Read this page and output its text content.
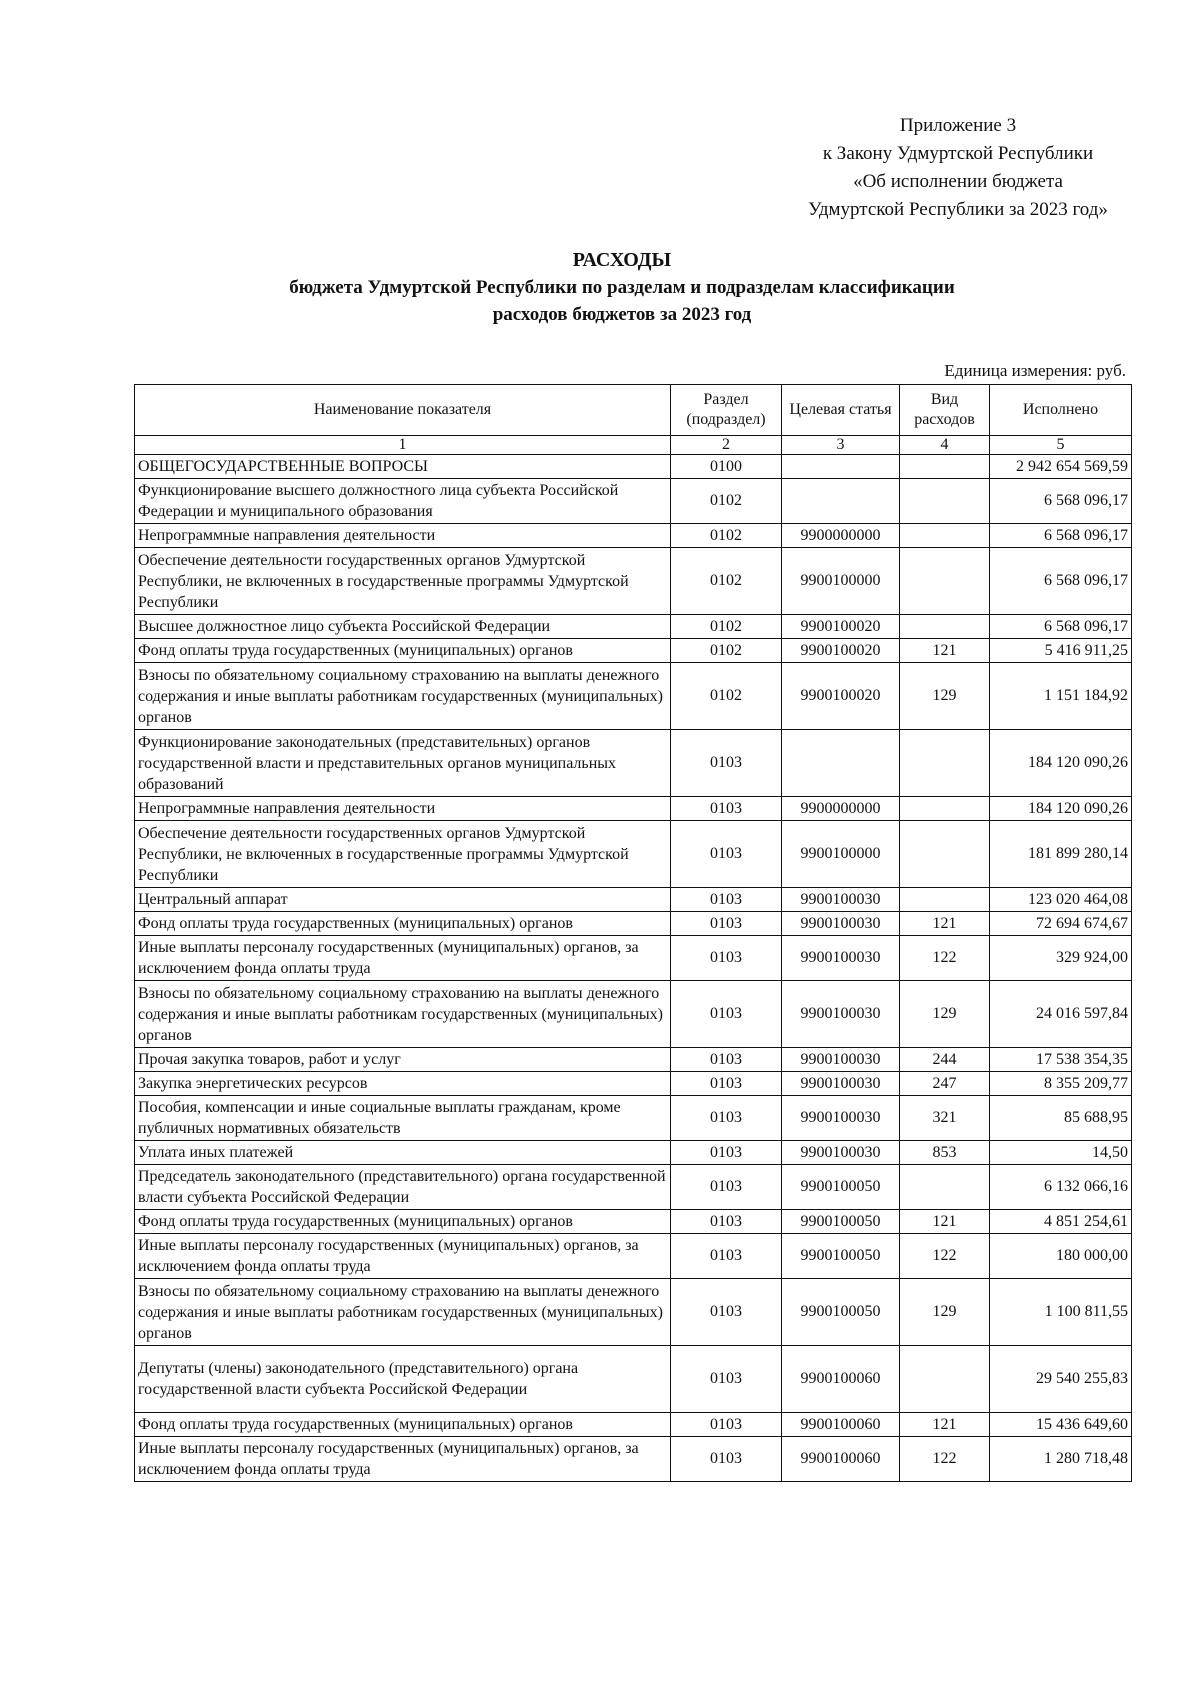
Приложение 3
к Закону Удмуртской Республики
«Об исполнении бюджета
Удмуртской Республики за 2023 год»
РАСХОДЫ
бюджета Удмуртской Республики по разделам и подразделам классификации
расходов бюджетов за 2023 год
Единица измерения: руб.
Наименование показателя	Раздел (подраздел)	Целевая статья	Вид расходов	Исполнено
1	2	3	4	5
ОБЩЕГОСУДАРСТВЕННЫЕ ВОПРОСЫ	0100			2 942 654 569,59
Функционирование высшего должностного лица субъекта Российской Федерации и муниципального образования	0102			6 568 096,17
Непрограммные направления деятельности	0102	9900000000		6 568 096,17
Обеспечение деятельности государственных органов Удмуртской Республики, не включенных в государственные программы Удмуртской Республики	0102	9900100000		6 568 096,17
Высшее должностное лицо субъекта Российской Федерации	0102	9900100020		6 568 096,17
Фонд оплаты труда государственных (муниципальных) органов	0102	9900100020	121	5 416 911,25
Взносы по обязательному социальному страхованию на выплаты денежного содержания и иные выплаты работникам государственных (муниципальных) органов	0102	9900100020	129	1 151 184,92
Функционирование законодательных (представительных) органов государственной власти и представительных органов муниципальных образований	0103			184 120 090,26
Непрограммные направления деятельности	0103	9900000000		184 120 090,26
Обеспечение деятельности государственных органов Удмуртской Республики, не включенных в государственные программы Удмуртской Республики	0103	9900100000		181 899 280,14
Центральный аппарат	0103	9900100030		123 020 464,08
Фонд оплаты труда государственных (муниципальных) органов	0103	9900100030	121	72 694 674,67
Иные выплаты персоналу государственных (муниципальных) органов, за исключением фонда оплаты труда	0103	9900100030	122	329 924,00
Взносы по обязательному социальному страхованию на выплаты денежного содержания и иные выплаты работникам государственных (муниципальных) органов	0103	9900100030	129	24 016 597,84
Прочая закупка товаров, работ и услуг	0103	9900100030	244	17 538 354,35
Закупка энергетических ресурсов	0103	9900100030	247	8 355 209,77
Пособия, компенсации и иные социальные выплаты гражданам, кроме публичных нормативных обязательств	0103	9900100030	321	85 688,95
Уплата иных платежей	0103	9900100030	853	14,50
Председатель законодательного (представительного) органа государственной власти субъекта Российской Федерации	0103	9900100050		6 132 066,16
Фонд оплаты труда государственных (муниципальных) органов	0103	9900100050	121	4 851 254,61
Иные выплаты персоналу государственных (муниципальных) органов, за исключением фонда оплаты труда	0103	9900100050	122	180 000,00
Взносы по обязательному социальному страхованию на выплаты денежного содержания и иные выплаты работникам государственных (муниципальных) органов	0103	9900100050	129	1 100 811,55
Депутаты (члены) законодательного (представительного) органа государственной власти субъекта Российской Федерации	0103	9900100060		29 540 255,83
Фонд оплаты труда государственных (муниципальных) органов	0103	9900100060	121	15 436 649,60
Иные выплаты персоналу государственных (муниципальных) органов, за исключением фонда оплаты труда	0103	9900100060	122	1 280 718,48
